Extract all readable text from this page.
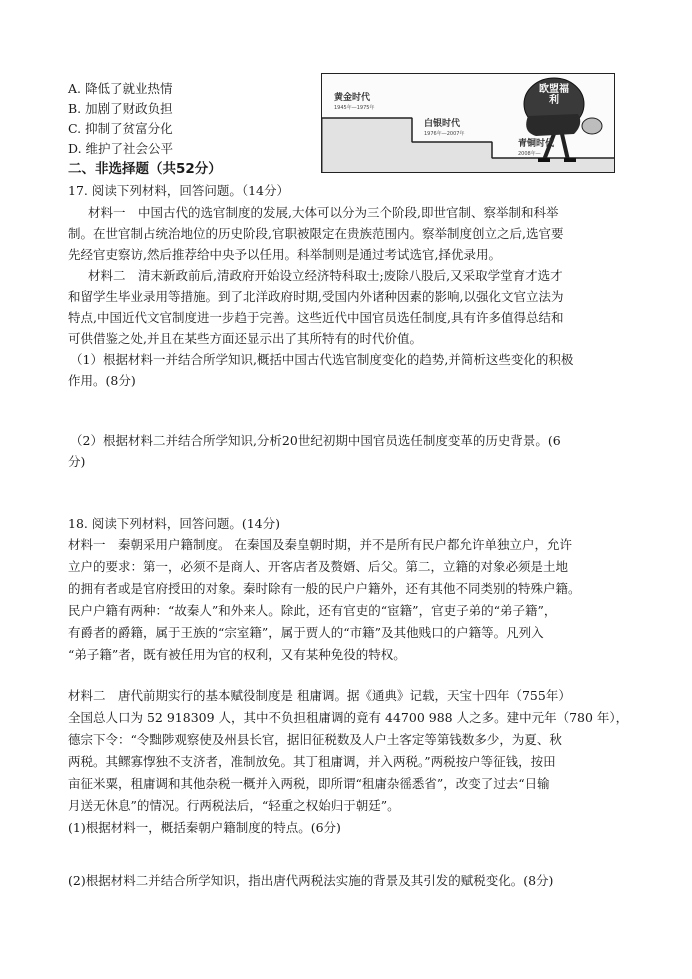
A. 降低了就业热情
B. 加剧了财政负担
C. 抑制了贫富分化
D. 维护了社会公平
黄金时代
1945年—1975年
白银时代
1976年—2007年
青铜时代
2008年—
欧盟福利
二、非选择题（共52分）
17. 阅读下列材料，回答问题。（14分）
材料一　中国古代的选官制度的发展,大体可以分为三个阶段,即世官制、察举制和科举
制。在世官制占统治地位的历史阶段,官职被限定在贵族范围内。察举制度创立之后,选官要
先经官吏察访,然后推荐给中央予以任用。科举制则是通过考试选官,择优录用。
材料二　清末新政前后,清政府开始设立经济特科取士;废除八股后,又采取学堂育才选才
和留学生毕业录用等措施。到了北洋政府时期,受国内外诸种因素的影响,以强化文官立法为
特点,中国近代文官制度进一步趋于完善。这些近代中国官员选任制度,具有许多值得总结和
可供借鉴之处,并且在某些方面还显示出了其所特有的时代价值。
（1）根据材料一并结合所学知识,概括中国古代选官制度变化的趋势,并简析这些变化的积极
作用。(8分)
（2）根据材料二并结合所学知识,分析20世纪初期中国官员选任制度变革的历史背景。(6
分)
18. 阅读下列材料，回答问题。(14分)
材料一　秦朝采用户籍制度。 在秦国及秦皇朝时期，并不是所有民户都允许单独立户，允许
立户的要求：第一，必须不是商人、开客店者及赘婿、后父。第二，立籍的对象必须是土地
的拥有者或是官府授田的对象。秦时除有一般的民户户籍外，还有其他不同类别的特殊户籍。
民户户籍有两种：“故秦人”和外来人。除此，还有官吏的“宦籍”，官吏子弟的“弟子籍”，
有爵者的爵籍，属于王族的“宗室籍”，属于贾人的“市籍”及其他贱口的户籍等。凡列入
“弟子籍”者，既有被任用为官的权利，又有某种免役的特权。
材料二　唐代前期实行的基本赋役制度是 租庸调。据《通典》记载，天宝十四年（755年）
全国总人口为 52 918309 人，其中不负担租庸调的竟有 44700 988 人之多。建中元年（780 年），
德宗下令：“令黜陟观察使及州县长官，据旧征税数及人户土客定等第钱数多少，为夏、秋
两税。其鳏寡惸独不支济者，准制放免。其丁租庸调，并入两税。”两税按户等征钱，按田
亩征米粟，租庸调和其他杂税一概并入两税，即所谓“租庸杂徭悉省”，改变了过去“日输
月送无休息”的情况。行两税法后，“轻重之权始归于朝廷”。
(1)根据材料一，概括秦朝户籍制度的特点。(6分)
(2)根据材料二并结合所学知识，指出唐代两税法实施的背景及其引发的赋税变化。(8分)
